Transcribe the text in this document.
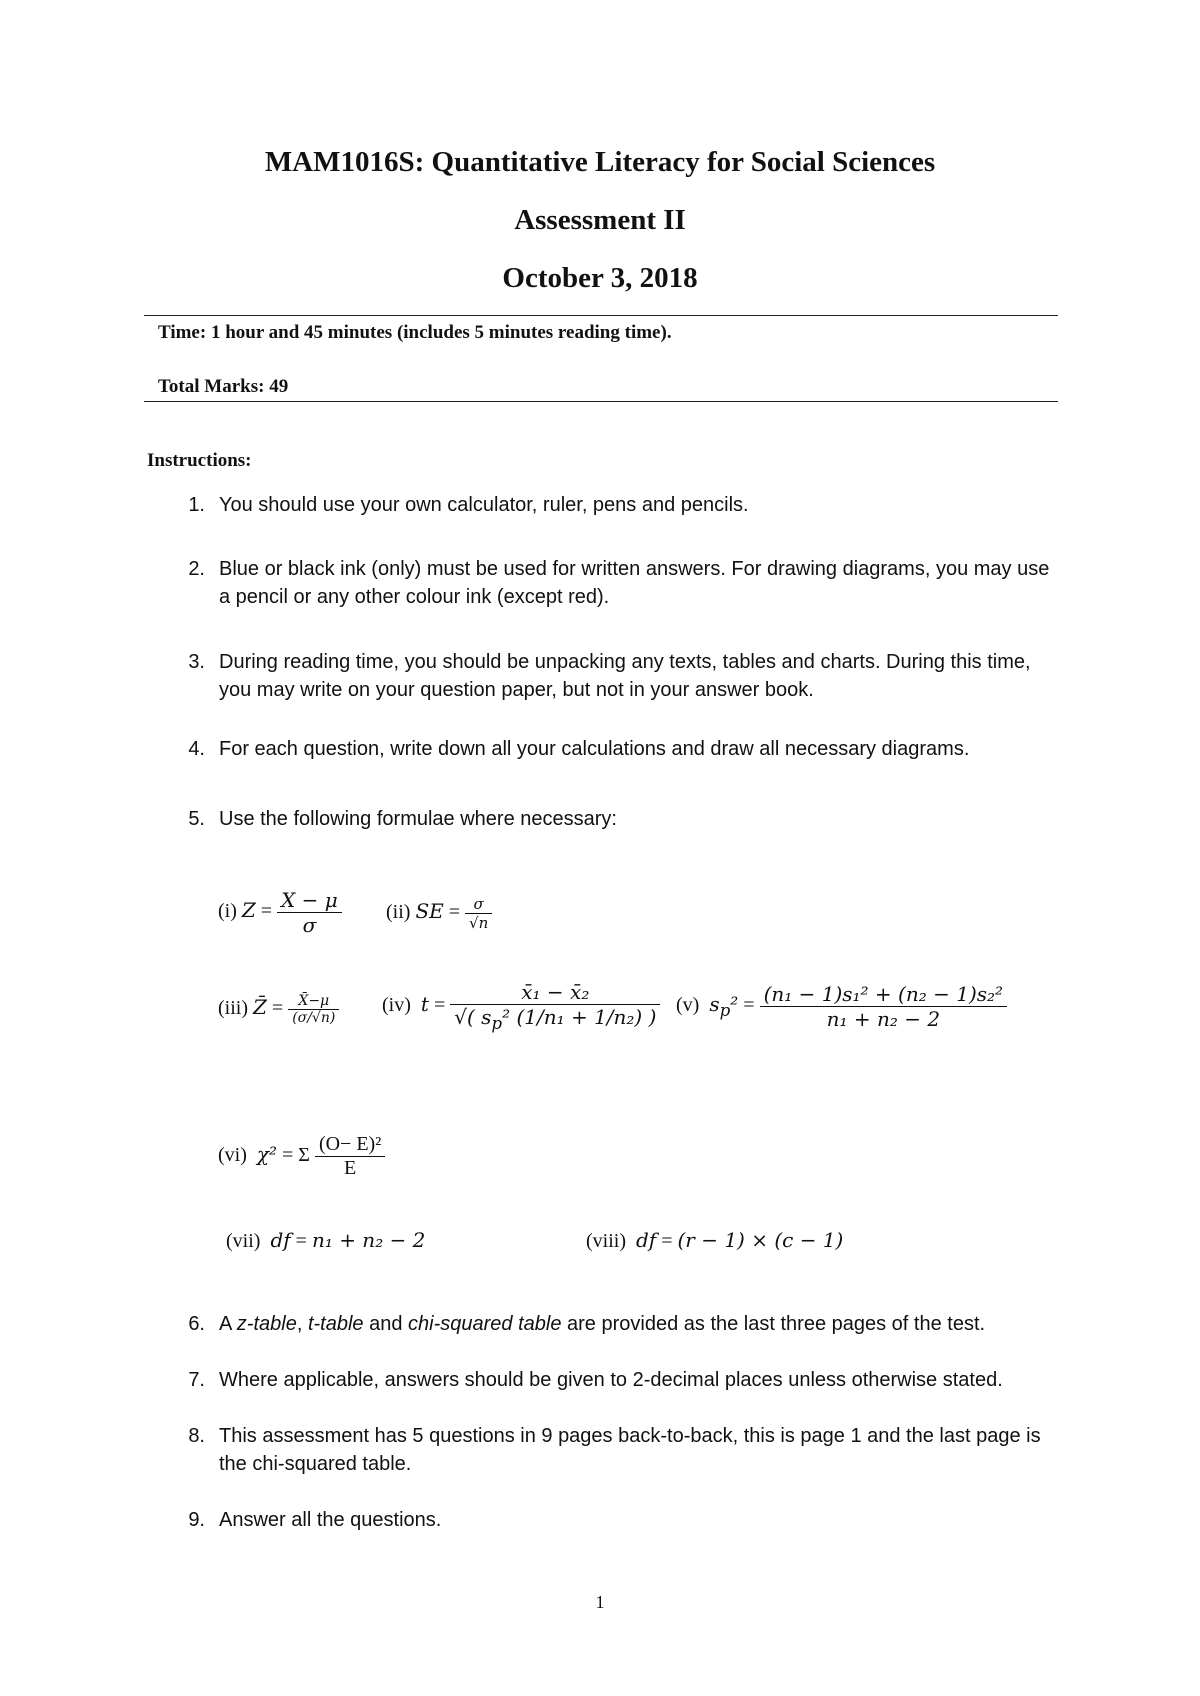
MAM1016S: Quantitative Literacy for Social Sciences
Assessment II
October 3, 2018
Time: 1 hour and 45 minutes (includes 5 minutes reading time).
Total Marks: 49
Instructions:
1. You should use your own calculator, ruler, pens and pencils.
2. Blue or black ink (only) must be used for written answers. For drawing diagrams, you may use a pencil or any other colour ink (except red).
3. During reading time, you should be unpacking any texts, tables and charts. During this time, you may write on your question paper, but not in your answer book.
4. For each question, write down all your calculations and draw all necessary diagrams.
5. Use the following formulae where necessary:
(i) $Z = \frac{X - \mu}{\sigma} (ii)$ SE = $\frac{\sigma}{√n}$
(iii) Z̄ = $\frac{X̄-\mu}{(\sigma/√n)} (iv) t = \frac{\text{x̄₁ − x̄₂}}{√( s_p^2 (1/n_1 + 1/n_2) )} (v) s_p^2 = \frac{\text{(n₁ − 1)s₁² + (n₂ − 1)s₂²}}{\text{n₁ + n₂ − 2}}$
(vi) χ² = Σ $\frac{\text{(O− E)²}}{E}$
(vii) df = n₁ + n₂ − 2	(viii) df = (r − 1) × (c − 1)
6. A z-table, t-table and chi-squared table are provided as the last three pages of the test.
7. Where applicable, answers should be given to 2-decimal places unless otherwise stated.
8. This assessment has 5 questions in 9 pages back-to-back, this is page 1 and the last page is the chi-squared table.
9. Answer all the questions.
1
